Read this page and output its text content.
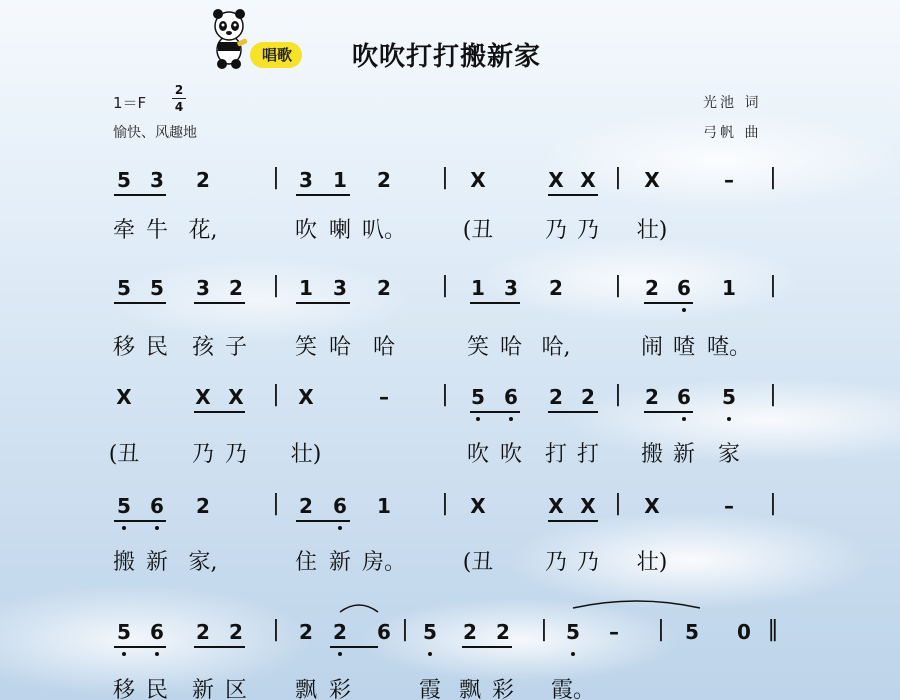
唱歌	吹吹打打搬新家
1＝F
2
4
愉快、风趣地
光池 词
弓帆 曲
5 3 2	| 3 1 2 | X	X X | X	– |
牵 牛 花,	吹 喇 叭。	(丑 乃 乃 壮)
5 5 3 2 | 1 3 2 | 1 3 2 | 2 6 1 |
移 民 孩 子 笑 哈 哈	笑 哈 哈,	闹 喳 喳。
X	X X | X	– | 5 6 2 2 | 2 6 5 |
(丑 乃 乃 壮)	吹 吹 打 打 搬 新 家
5 6 2	| 2 6 1 | X	X X | X	– |
搬 新 家,	住 新 房。	(丑 乃 乃 壮)
5 6 2 2 | 2 2 6 | 5 2 2 | 5 – | 5 0 ‖
移 民 新 区 飘 彩	霞 飘 彩 霞。
